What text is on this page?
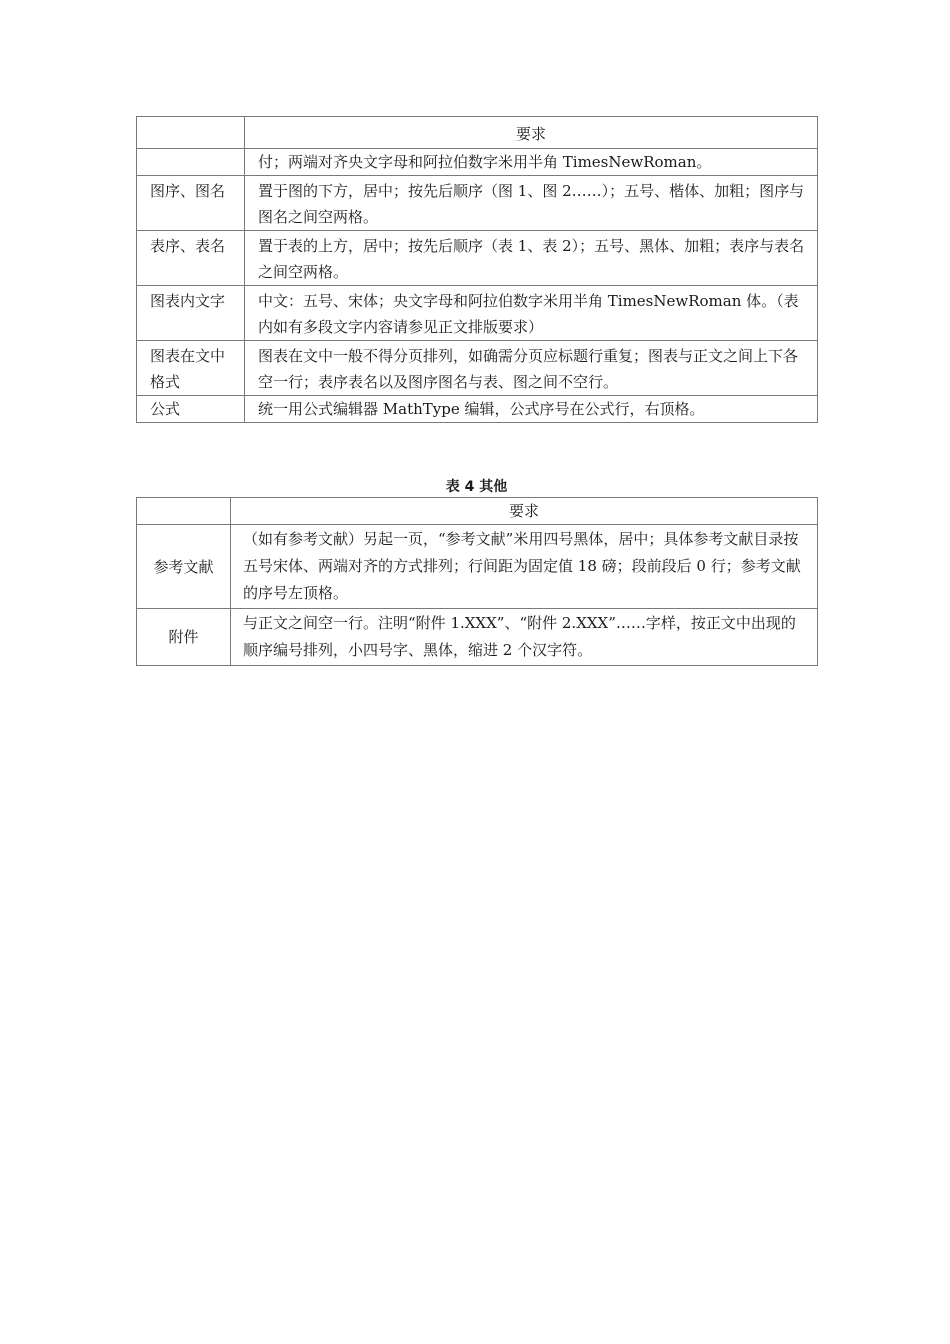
	要求
	付；两端对齐央文字母和阿拉伯数字米用半角 TimesNewRoman。
图序、图名	置于图的下方，居中；按先后顺序（图 1、图 2……）；五号、楷体、加粗；图序与图名之间空两格。
表序、表名	置于表的上方，居中；按先后顺序（表 1、表 2）；五号、黑体、加粗；表序与表名之间空两格。
图表内文字	中文：五号、宋体；央文字母和阿拉伯数字米用半角 TimesNewRoman 体。（表内如有多段文字内容请参见正文排版要求）
图表在文中格式	图表在文中一般不得分页排列，如确需分页应标题行重复；图表与正文之间上下各空一行；表序表名以及图序图名与表、图之间不空行。
公式	统一用公式编辑器 MathType 编辑，公式序号在公式行，右顶格。
表 4 其他
	要求
参考文献	（如有参考文献）另起一页，“参考文献”米用四号黑体，居中；具体参考文献目录按五号宋体、两端对齐的方式排列；行间距为固定值 18 磅；段前段后 0 行；参考文献的序号左顶格。
附件	与正文之间空一行。注明“附件 1.XXX”、“附件 2.XXX”……字样，按正文中出现的顺序编号排列，小四号字、黑体，缩进 2 个汉字符。
